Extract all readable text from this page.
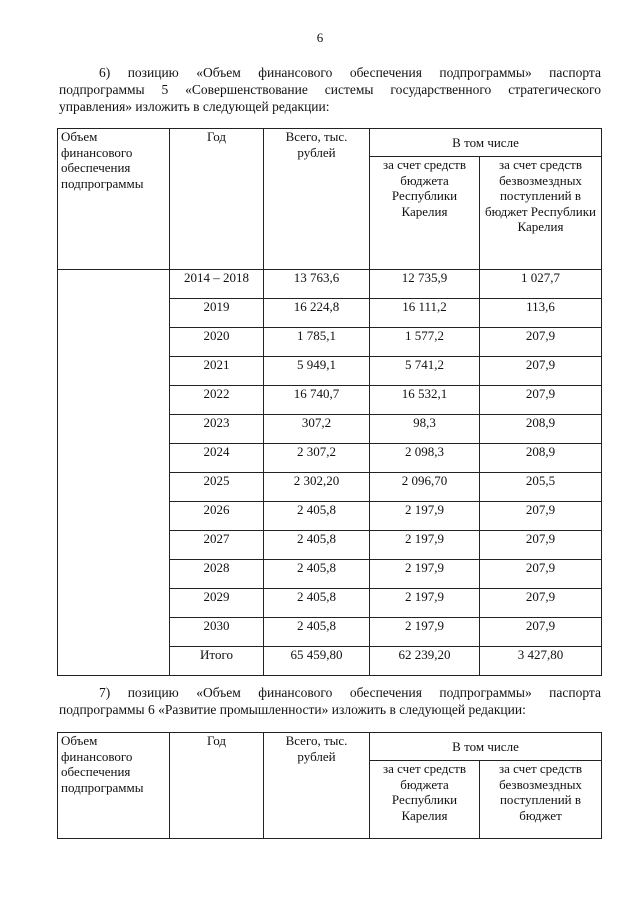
6
6) позицию «Объем финансового обеспечения подпрограммы» паспорта подпрограммы 5 «Совершенствование системы государственного стратегического управления» изложить в следующей редакции:
Объем финансового обеспечения подпрограммы	Год	Всего, тыс. рублей	В том числе	
			за счет средств бюджета Республики Карелия	за счет средств безвозмездных поступлений в бюджет Республики Карелия
	2014 – 2018	13 763,6	12 735,9	1 027,7
	2019	16 224,8	16 111,2	113,6
	2020	1 785,1	1 577,2	207,9
	2021	5 949,1	5 741,2	207,9
	2022	16 740,7	16 532,1	207,9
	2023	307,2	98,3	208,9
	2024	2 307,2	2 098,3	208,9
	2025	2 302,20	2 096,70	205,5
	2026	2 405,8	2 197,9	207,9
	2027	2 405,8	2 197,9	207,9
	2028	2 405,8	2 197,9	207,9
	2029	2 405,8	2 197,9	207,9
	2030	2 405,8	2 197,9	207,9
	Итого	65 459,80	62 239,20	3 427,80
7) позицию «Объем финансового обеспечения подпрограммы» паспорта подпрограммы 6 «Развитие промышленности» изложить в следующей редакции:
Объем финансового обеспечения подпрограммы	Год	Всего, тыс. рублей	В том числе	
			за счет средств бюджета Республики Карелия	за счет средств безвозмездных поступлений в бюджет
